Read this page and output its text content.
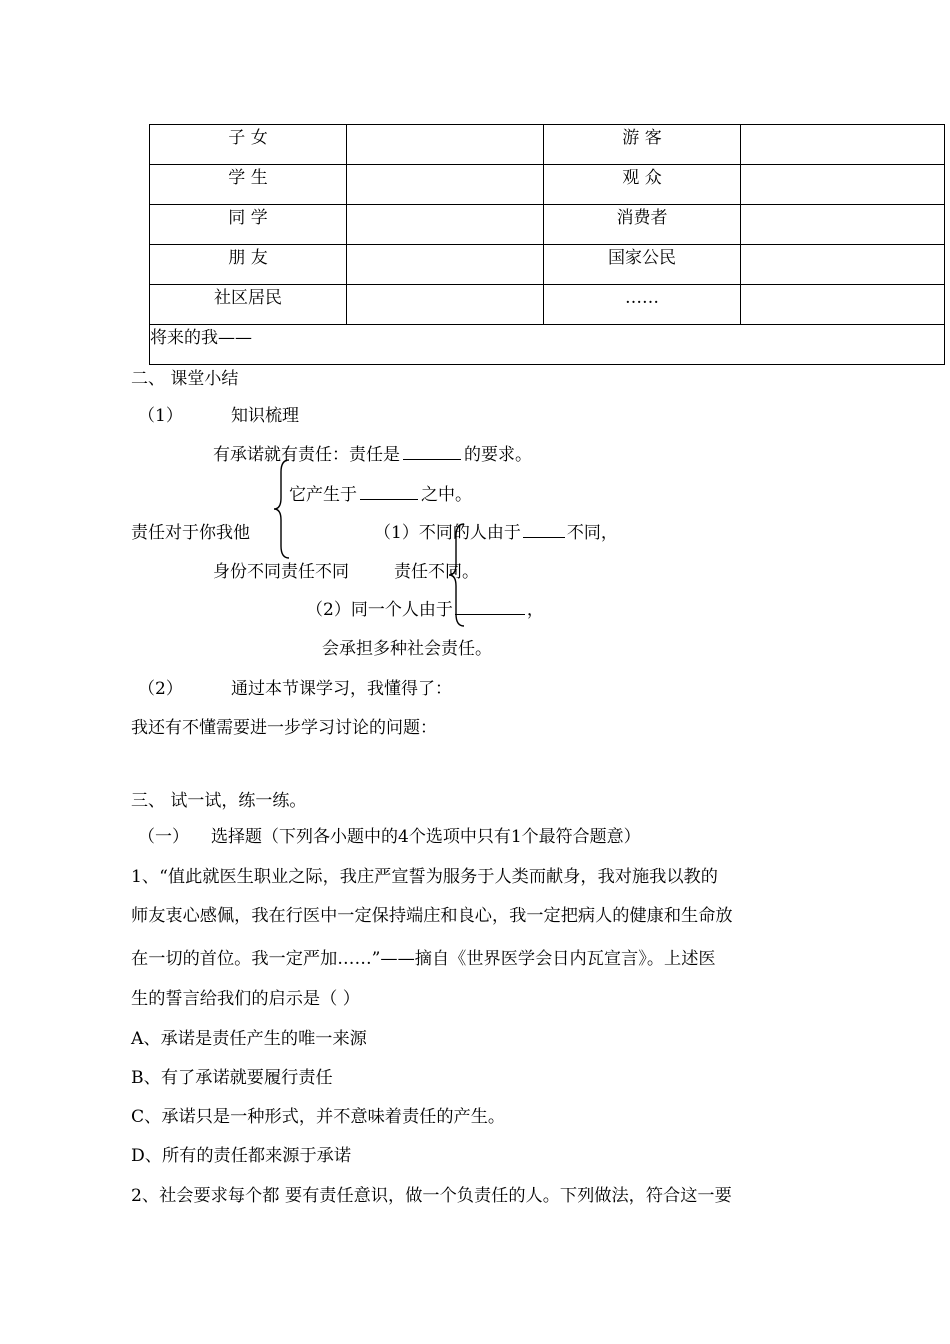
子 女		游 客	
学 生		观 众	
同 学		消费者	
朋 友		国家公民	
社区居民		……	
将来的我——			
二、 课堂小结
（1）	知识梳理
有承诺就有责任：责任是	的要求。
它产生于	之中。
责任对于你我他	（1）不同的人由于	不同，
身份不同责任不同	责任不同。
（2）同一个人由于	，
会承担多种社会责任。
（2）	通过本节课学习，我懂得了：
我还有不懂需要进一步学习讨论的问题：
三、 试一试，练一练。
（一） 选择题（下列各小题中的4个选项中只有1个最符合题意）
1、“值此就医生职业之际，我庄严宣誓为服务于人类而献身，我对施我以教的
师友衷心感佩，我在行医中一定保持端庄和良心，我一定把病人的健康和生命放
在一切的首位。我一定严加……”——摘自《世界医学会日内瓦宣言》。上述医
生的誓言给我们的启示是（ ）
A、承诺是责任产生的唯一来源
B、有了承诺就要履行责任
C、承诺只是一种形式，并不意味着责任的产生。
D、所有的责任都来源于承诺
2、社会要求每个都 要有责任意识，做一个负责任的人。下列做法，符合这一要
